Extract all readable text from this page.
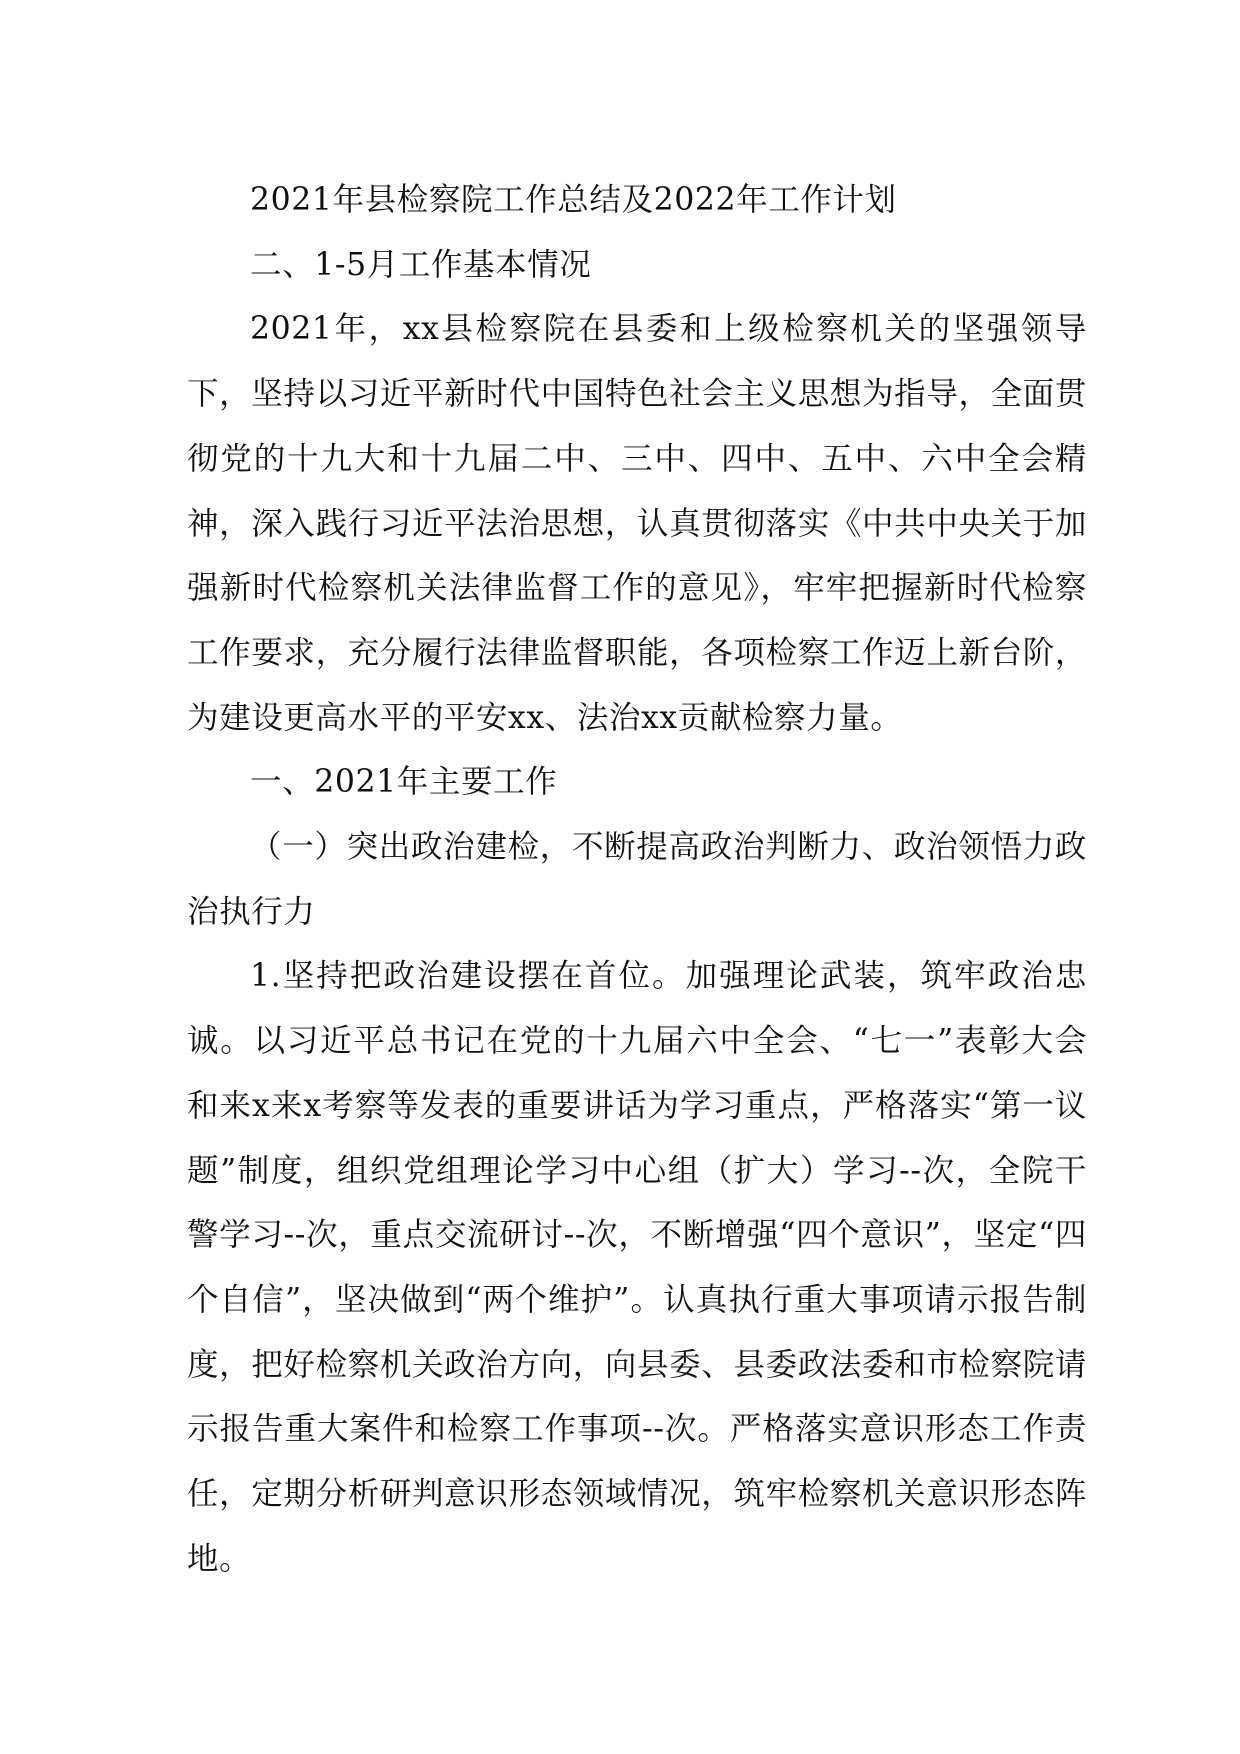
2021年县检察院工作总结及2022年工作计划

二、1-5月工作基本情况

2021年，xx县检察院在县委和上级检察机关的坚强领导下，坚持以习近平新时代中国特色社会主义思想为指导，全面贯彻党的十九大和十九届二中、三中、四中、五中、六中全会精神，深入践行习近平法治思想，认真贯彻落实《中共中央关于加强新时代检察机关法律监督工作的意见》，牢牢把握新时代检察工作要求，充分履行法律监督职能，各项检察工作迈上新台阶，为建设更高水平的平安xx、法治xx贡献检察力量。

一、2021年主要工作

（一）突出政治建检，不断提高政治判断力、政治领悟力政治执行力

1.坚持把政治建设摆在首位。加强理论武装，筑牢政治忠诚。以习近平总书记在党的十九届六中全会、“七一”表彰大会和来x来x考察等发表的重要讲话为学习重点，严格落实“第一议题”制度，组织党组理论学习中心组（扩大）学习--次，全院干警学习--次，重点交流研讨--次，不断增强“四个意识”，坚定“四个自信”，坚决做到“两个维护”。认真执行重大事项请示报告制度，把好检察机关政治方向，向县委、县委政法委和市检察院请示报告重大案件和检察工作事项--次。严格落实意识形态工作责任，定期分析研判意识形态领域情况，筑牢检察机关意识形态阵地。
